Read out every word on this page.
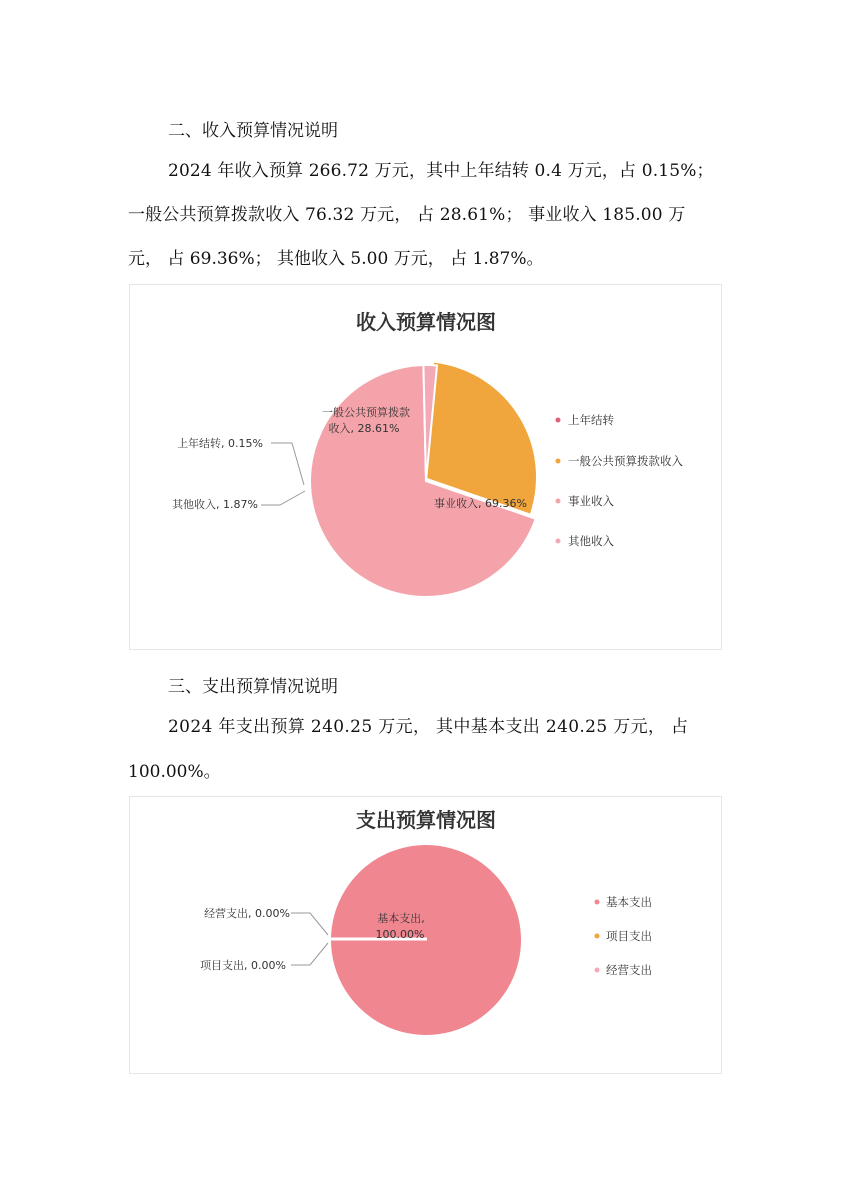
二、收入预算情况说明
2024 年收入预算 266.72 万元，其中上年结转 0.4 万元，占 0.15%；
一般公共预算拨款收入 76.32 万元， 占 28.61%； 事业收入 185.00 万
元， 占 69.36%； 其他收入 5.00 万元， 占 1.87%。
收入预算情况图
一般公共预算拨款
收入, 28.61%
上年结转, 0.15%
其他收入, 1.87%	事业收入, 69.36%
上年结转
一般公共预算拨款收入
事业收入
其他收入
三、支出预算情况说明
2024 年支出预算 240.25 万元， 其中基本支出 240.25 万元， 占
100.00%。
支出预算情况图
经营支出, 0.00%
项目支出, 0.00%
基本支出,
100.00%
基本支出
项目支出
经营支出
